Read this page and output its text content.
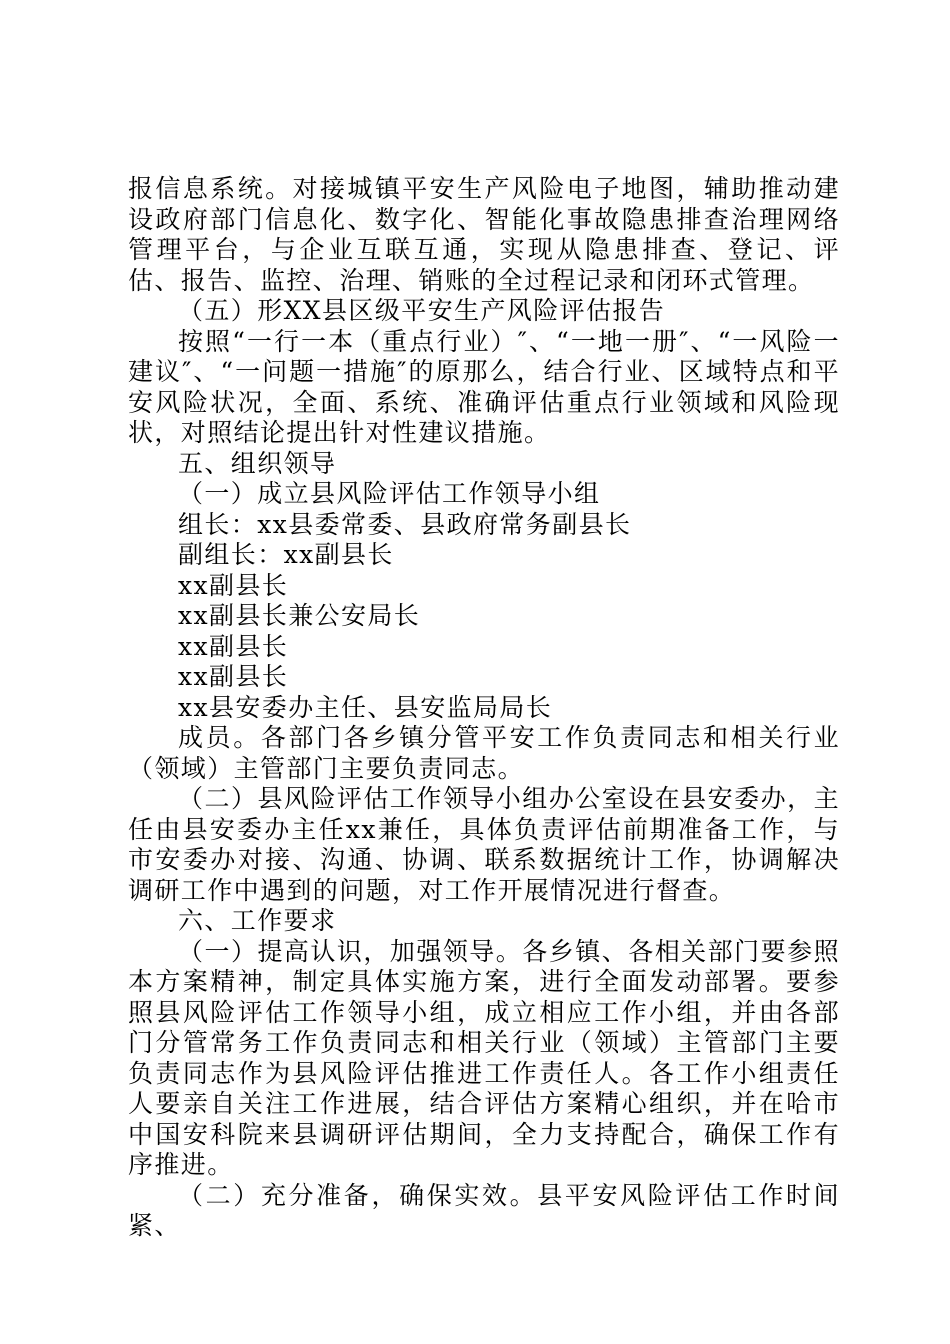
报信息系统。对接城镇平安生产风险电子地图，辅助推动建设政府部门信息化、数字化、智能化事故隐患排查治理网络管理平台，与企业互联互通，实现从隐患排查、登记、评估、报告、监控、治理、销账的全过程记录和闭环式管理。

（五）形XX县区级平安生产风险评估报告

按照“一行一本（重点行业）″、“一地一册″、“一风险一建议″、“一问题一措施″的原那么，结合行业、区域特点和平安风险状况，全面、系统、准确评估重点行业领域和风险现状，对照结论提出针对性建议措施。

五、组织领导

（一）成立县风险评估工作领导小组

组长：xx县委常委、县政府常务副县长

副组长：xx副县长

xx副县长

xx副县长兼公安局长

xx副县长

xx副县长

xx县安委办主任、县安监局局长

成员。各部门各乡镇分管平安工作负责同志和相关行业（领域）主管部门主要负责同志。

（二）县风险评估工作领导小组办公室设在县安委办，主任由县安委办主任xx兼任，具体负责评估前期准备工作，与市安委办对接、沟通、协调、联系数据统计工作，协调解决调研工作中遇到的问题，对工作开展情况进行督查。

六、工作要求

（一）提高认识，加强领导。各乡镇、各相关部门要参照本方案精神，制定具体实施方案，进行全面发动部署。要参照县风险评估工作领导小组，成立相应工作小组，并由各部门分管常务工作负责同志和相关行业（领域）主管部门主要负责同志作为县风险评估推进工作责任人。各工作小组责任人要亲自关注工作进展，结合评估方案精心组织，并在哈市中国安科院来县调研评估期间，全力支持配合，确保工作有序推进。

（二）充分准备，确保实效。县平安风险评估工作时间紧、
